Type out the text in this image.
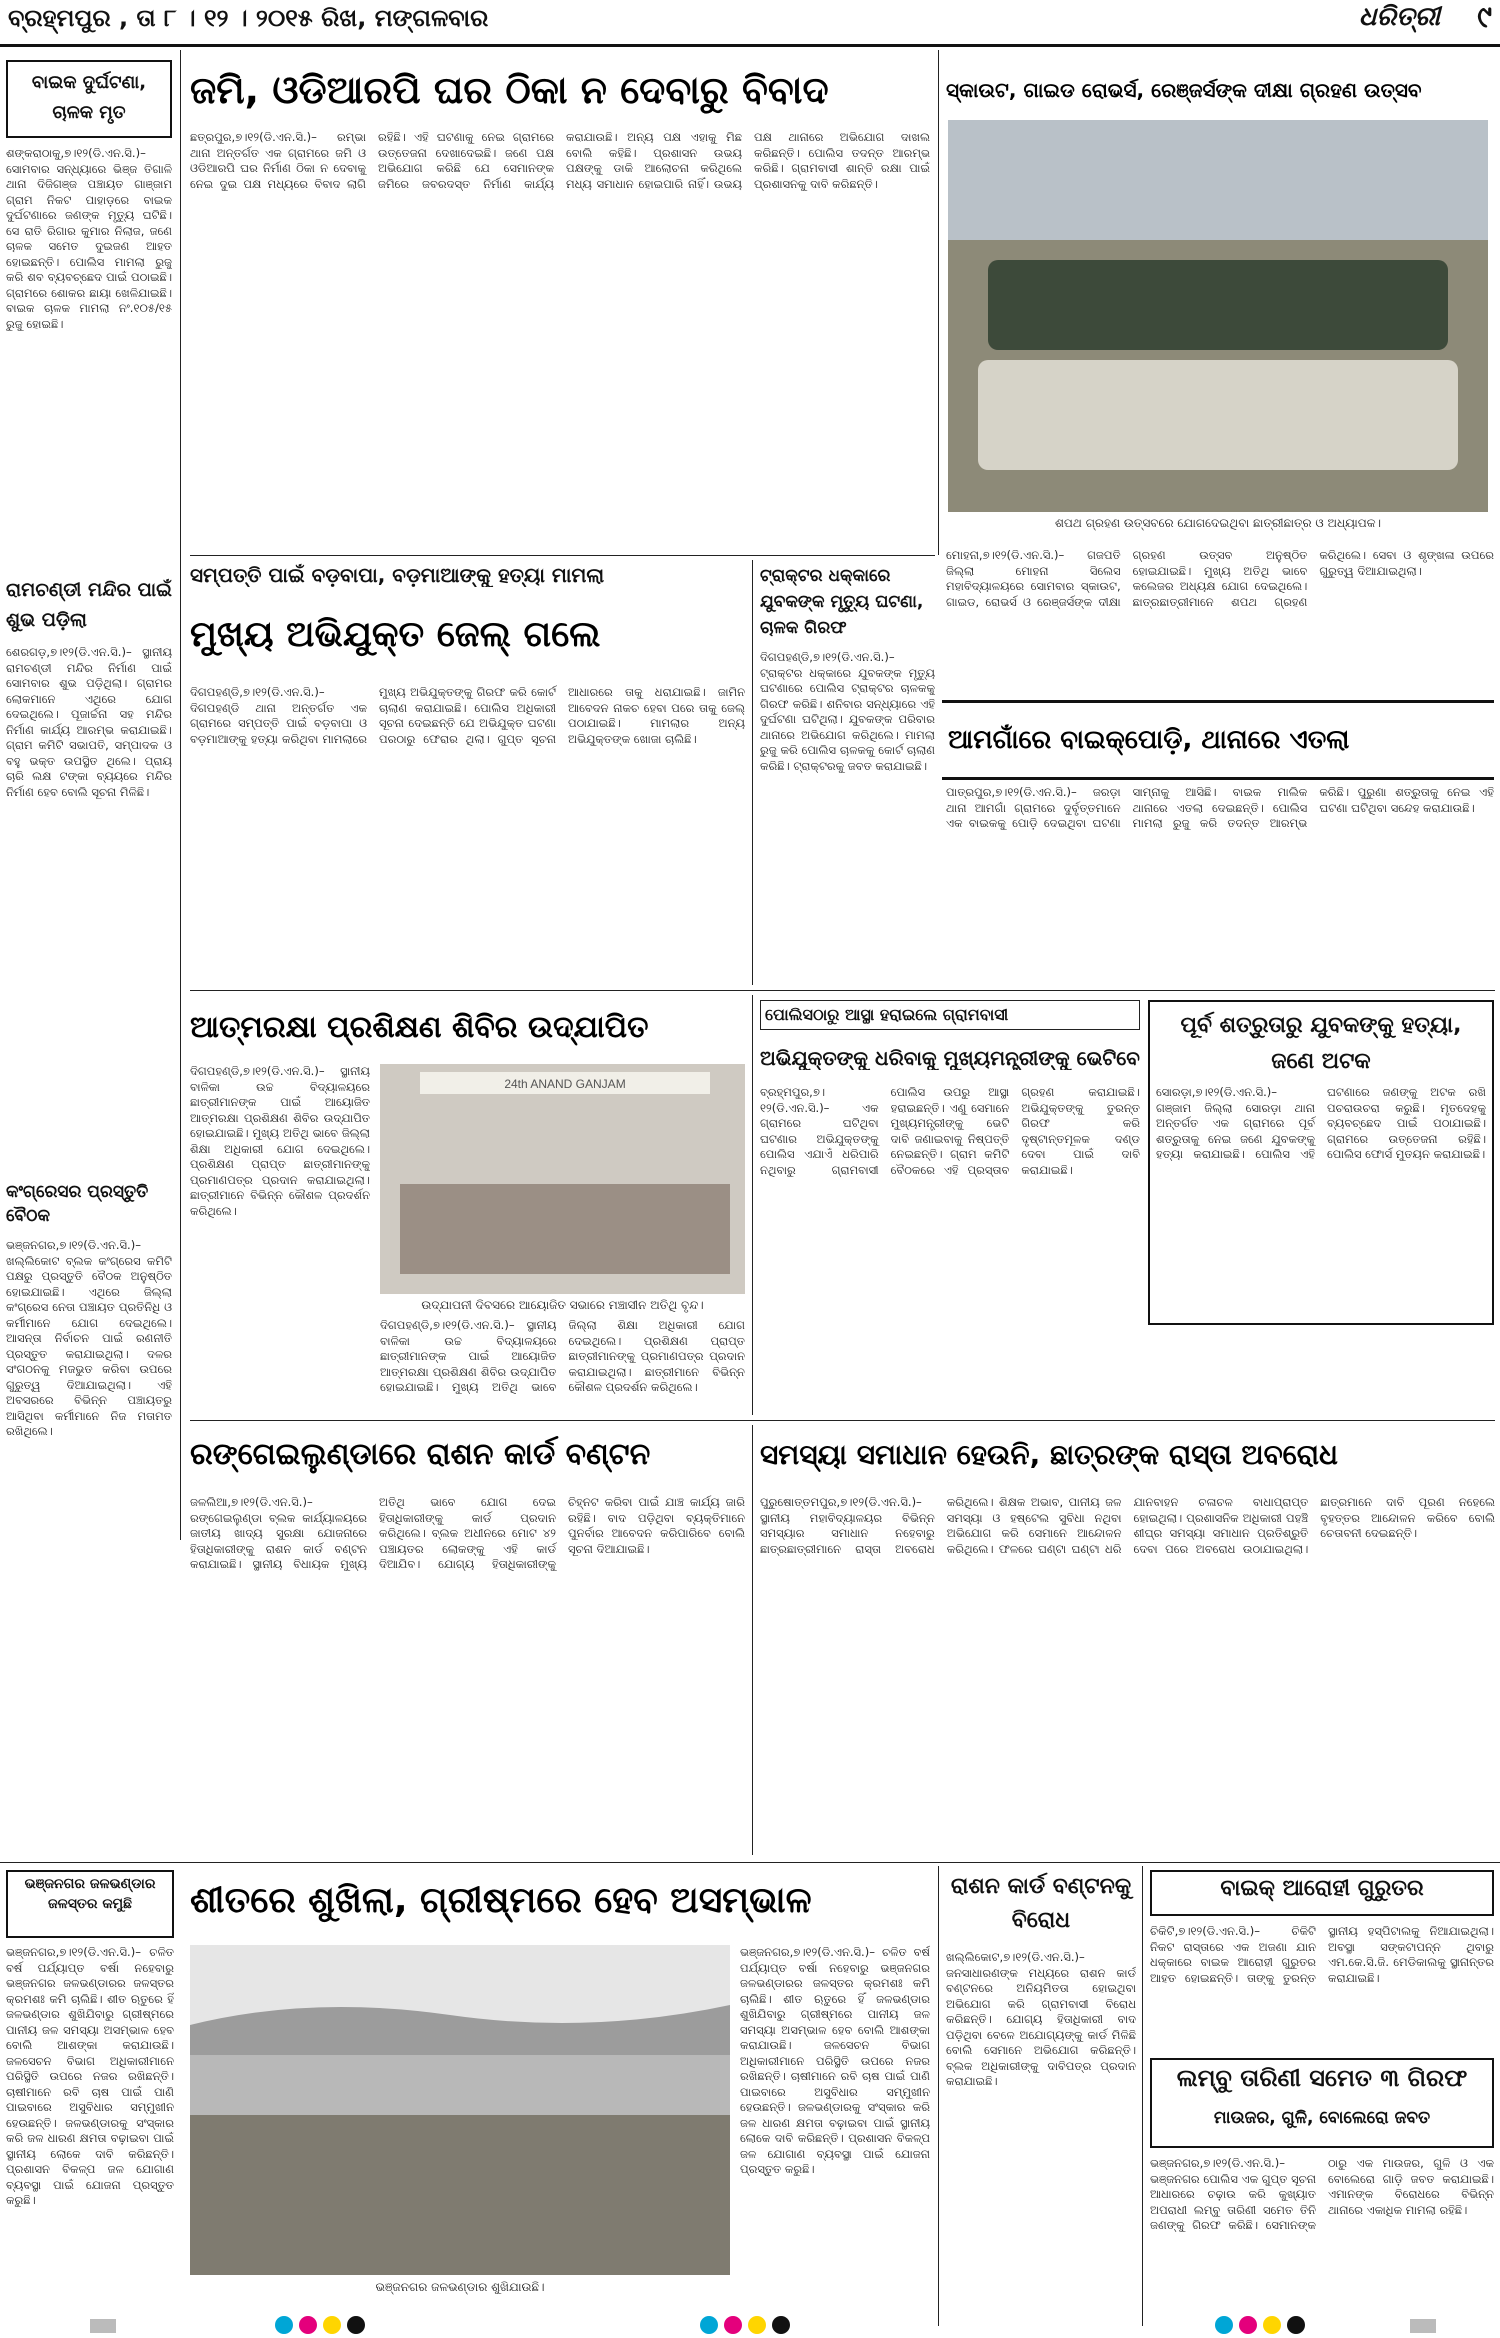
ବ୍ରହ୍ମପୁର , ତା ୮ । ୧୨ । ୨୦୧୫ ରିଖ, ମଙ୍ଗଳବାର	ଧରିତ୍ରୀ ୯
ବାଇକ ଦୁର୍ଘଟଣା, ଚାଳକ ମୃତ
ଶଙ୍କରାଠାକୁ,୭।୧୨(ଡି.ଏନ.ସି.)– ସୋମବାର ସନ୍ଧ୍ୟାରେ ଭିଞ୍ଜ ତିଗାଳି ଥାନା ଦିଜିଗଞ୍ଜ ପଞ୍ଚାୟତ ଗାଞ୍ଜାମ ଗ୍ରାମ ନିକଟ ପାହାଡ଼ରେ ବାଇକ ଦୁର୍ଘଟଣାରେ ଜଣଙ୍କ ମୃତ୍ୟୁ ଘଟିଛି। ସେ ରାତି ରିଗାର କୁମାର ନିଲାଜ, ଜଣେ ଚାଳକ ସମେତ ଦୁଇଜଣ ଆହତ ହୋଇଛନ୍ତି। ପୋଲିସ ମାମଲା ରୁଜୁ କରି ଶବ ବ୍ୟବଚ୍ଛେଦ ପାଇଁ ପଠାଇଛି। ଗ୍ରାମରେ ଶୋକର ଛାୟା ଖେଳିଯାଇଛି। ବାଇକ ଚାଳକ ମାମଲା ନଂ.୧୦୫/୧୫ ରୁଜୁ ହୋଇଛି।
ରାମଚଣ୍ଡୀ ମନ୍ଦିର ପାଇଁ ଶୁଭ ପଡ଼ିଲା
ଶେରଗଡ଼,୭।୧୨(ଡି.ଏନ.ସି.)– ସ୍ଥାନୀୟ ରାମଚଣ୍ଡୀ ମନ୍ଦିର ନିର୍ମାଣ ପାଇଁ ସୋମବାର ଶୁଭ ପଡ଼ିଥିଲା। ଗ୍ରାମର ଲୋକମାନେ ଏଥିରେ ଯୋଗ ଦେଇଥିଲେ। ପୂଜାର୍ଚ୍ଚନା ସହ ମନ୍ଦିର ନିର୍ମାଣ କାର୍ଯ୍ୟ ଆରମ୍ଭ କରାଯାଇଛି। ଗ୍ରାମ କମିଟି ସଭାପତି, ସମ୍ପାଦକ ଓ ବହୁ ଭକ୍ତ ଉପସ୍ଥିତ ଥିଲେ। ପ୍ରାୟ ଚାରି ଲକ୍ଷ ଟଙ୍କା ବ୍ୟୟରେ ମନ୍ଦିର ନିର୍ମାଣ ହେବ ବୋଲି ସୂଚନା ମିଳିଛି।
କଂଗ୍ରେସର ପ୍ରସ୍ତୁତି ବୈଠକ
ଭଞ୍ଜନଗର,୭।୧୨(ଡି.ଏନ.ସି.)– ଖଲ୍ଲିକୋଟ ବ୍ଲକ କଂଗ୍ରେସ କମିଟି ପକ୍ଷରୁ ପ୍ରସ୍ତୁତି ବୈଠକ ଅନୁଷ୍ଠିତ ହୋଇଯାଇଛି। ଏଥିରେ ଜିଲ୍ଲା କଂଗ୍ରେସ ନେତା ପଞ୍ଚାୟତ ପ୍ରତିନିଧି ଓ କର୍ମୀମାନେ ଯୋଗ ଦେଇଥିଲେ। ଆସନ୍ତା ନିର୍ବାଚନ ପାଇଁ ରଣନୀତି ପ୍ରସ୍ତୁତ କରାଯାଇଥିଲା। ଦଳର ସଂଗଠନକୁ ମଜଭୁତ କରିବା ଉପରେ ଗୁରୁତ୍ୱ ଦିଆଯାଇଥିଲା। ଏହି ଅବସରରେ ବିଭିନ୍ନ ପଞ୍ଚାୟତରୁ ଆସିଥିବା କର୍ମୀମାନେ ନିଜ ମତାମତ ରଖିଥିଲେ।
ଜମି, ଓଡିଆରପି ଘର ଠିକା ନ ଦେବାରୁ ବିବାଦ
ଛତ୍ରପୁର,୭।୧୨(ଡି.ଏନ.ସି.)– ରମ୍ଭା ଥାନା ଅନ୍ତର୍ଗତ ଏକ ଗ୍ରାମରେ ଜମି ଓ ଓଡିଆରପି ଘର ନିର୍ମାଣ ଠିକା ନ ଦେବାକୁ ନେଇ ଦୁଇ ପକ୍ଷ ମଧ୍ୟରେ ବିବାଦ ଲାଗି ରହିଛି। ଏହି ଘଟଣାକୁ ନେଇ ଗ୍ରାମରେ ଉତ୍ତେଜନା ଦେଖାଦେଇଛି। ଜଣେ ପକ୍ଷ ଅଭିଯୋଗ କରିଛି ଯେ ସେମାନଙ୍କ ଜମିରେ ଜବରଦସ୍ତ ନିର୍ମାଣ କାର୍ଯ୍ୟ କରାଯାଉଛି। ଅନ୍ୟ ପକ୍ଷ ଏହାକୁ ମିଛ ବୋଲି କହିଛି। ପ୍ରଶାସନ ଉଭୟ ପକ୍ଷଙ୍କୁ ଡାକି ଆଲୋଚନା କରିଥିଲେ ମଧ୍ୟ ସମାଧାନ ହୋଇପାରି ନାହିଁ। ଉଭୟ ପକ୍ଷ ଥାନାରେ ଅଭିଯୋଗ ଦାଖଲ କରିଛନ୍ତି। ପୋଲିସ ତଦନ୍ତ ଆରମ୍ଭ କରିଛି। ଗ୍ରାମବାସୀ ଶାନ୍ତି ରକ୍ଷା ପାଇଁ ପ୍ରଶାସନକୁ ଦାବି କରିଛନ୍ତି।
ସ୍କାଉଟ, ଗାଇଡ ରୋଭର୍ସ, ରେଞ୍ଜର୍ସଙ୍କ ଦୀକ୍ଷା ଗ୍ରହଣ ଉତ୍ସବ
ଶପଥ ଗ୍ରହଣ ଉତ୍ସବରେ ଯୋଗଦେଇଥିବା ଛାତ୍ରୀଛାତ୍ର ଓ ଅଧ୍ୟାପକ।
ମୋହନା,୭।୧୨(ଡି.ଏନ.ସି.)– ଗଜପତି ଜିଲ୍ଲା ମୋହନା ସିଲେସ ମହାବିଦ୍ୟାଳୟରେ ସୋମବାର ସ୍କାଉଟ, ଗାଇଡ, ରୋଭର୍ସ ଓ ରେଞ୍ଜର୍ସଙ୍କ ଦୀକ୍ଷା ଗ୍ରହଣ ଉତ୍ସବ ଅନୁଷ୍ଠିତ ହୋଇଯାଇଛି। ମୁଖ୍ୟ ଅତିଥି ଭାବେ କଲେଜର ଅଧ୍ୟକ୍ଷ ଯୋଗ ଦେଇଥିଲେ। ଛାତ୍ରଛାତ୍ରୀମାନେ ଶପଥ ଗ୍ରହଣ କରିଥିଲେ। ସେବା ଓ ଶୃଙ୍ଖଳା ଉପରେ ଗୁରୁତ୍ୱ ଦିଆଯାଇଥିଲା।
ସମ୍ପତ୍ତି ପାଇଁ ବଡ଼ବାପା, ବଡ଼ମାଆଙ୍କୁ ହତ୍ୟା ମାମଲା
ମୁଖ୍ୟ ଅଭିଯୁକ୍ତ ଜେଲ୍ ଗଲେ
ଦିଗପହଣ୍ଡି,୭।୧୨(ଡି.ଏନ.ସି.)– ଦିଗପହଣ୍ଡି ଥାନା ଅନ୍ତର୍ଗତ ଏକ ଗ୍ରାମରେ ସମ୍ପତ୍ତି ପାଇଁ ବଡ଼ବାପା ଓ ବଡ଼ମାଆଙ୍କୁ ହତ୍ୟା କରିଥିବା ମାମଲାରେ ମୁଖ୍ୟ ଅଭିଯୁକ୍ତଙ୍କୁ ଗିରଫ କରି କୋର୍ଟ ଚାଲାଣ କରାଯାଇଛି। ପୋଲିସ ଅଧିକାରୀ ସୂଚନା ଦେଇଛନ୍ତି ଯେ ଅଭିଯୁକ୍ତ ଘଟଣା ପରଠାରୁ ଫେରାର ଥିଲା। ଗୁପ୍ତ ସୂଚନା ଆଧାରରେ ତାକୁ ଧରାଯାଇଛି। ଜାମିନ ଆବେଦନ ନାକଚ ହେବା ପରେ ତାକୁ ଜେଲ୍ ପଠାଯାଇଛି। ମାମଲାର ଅନ୍ୟ ଅଭିଯୁକ୍ତଙ୍କ ଖୋଜା ଚାଲିଛି।
ଟ୍ରାକ୍ଟର ଧକ୍କାରେ ଯୁବକଙ୍କ ମୃତ୍ୟୁ ଘଟଣା, ଚାଳକ ଗିରଫ
ଦିଗପହଣ୍ଡି,୭।୧୨(ଡି.ଏନ.ସି.)– ଟ୍ରାକ୍ଟର ଧକ୍କାରେ ଯୁବକଙ୍କ ମୃତ୍ୟୁ ଘଟଣାରେ ପୋଲିସ ଟ୍ରାକ୍ଟର ଚାଳକକୁ ଗିରଫ କରିଛି। ଶନିବାର ସନ୍ଧ୍ୟାରେ ଏହି ଦୁର୍ଘଟଣା ଘଟିଥିଲା। ଯୁବକଙ୍କ ପରିବାର ଥାନାରେ ଅଭିଯୋଗ କରିଥିଲେ। ମାମଲା ରୁଜୁ କରି ପୋଲିସ ଚାଳକକୁ କୋର୍ଟ ଚାଲାଣ କରିଛି। ଟ୍ରାକ୍ଟରକୁ ଜବତ କରାଯାଇଛି।
ଆମଗାଁରେ ବାଇକ୍‌ପୋଡ଼ି, ଥାନାରେ ଏତଲା
ପାତ୍ରପୁର,୭।୧୨(ଡି.ଏନ.ସି.)– ଜରଡ଼ା ଥାନା ଆମଗାଁ ଗ୍ରାମରେ ଦୁର୍ବୃତ୍ତମାନେ ଏକ ବାଇକକୁ ପୋଡ଼ି ଦେଇଥିବା ଘଟଣା ସାମ୍ନାକୁ ଆସିଛି। ବାଇକ ମାଲିକ ଥାନାରେ ଏତଲା ଦେଇଛନ୍ତି। ପୋଲିସ ମାମଲା ରୁଜୁ କରି ତଦନ୍ତ ଆରମ୍ଭ କରିଛି। ପୁରୁଣା ଶତ୍ରୁତାକୁ ନେଇ ଏହି ଘଟଣା ଘଟିଥିବା ସନ୍ଦେହ କରାଯାଉଛି।
ଆତ୍ମରକ୍ଷା ପ୍ରଶିକ୍ଷଣ ଶିବିର ଉଦ୍‌ଯାପିତ
ଦିଗପହଣ୍ଡି,୭।୧୨(ଡି.ଏନ.ସି.)– ସ୍ଥାନୀୟ ବାଳିକା ଉଚ୍ଚ ବିଦ୍ୟାଳୟରେ ଛାତ୍ରୀମାନଙ୍କ ପାଇଁ ଆୟୋଜିତ ଆତ୍ମରକ୍ଷା ପ୍ରଶିକ୍ଷଣ ଶିବିର ଉଦ୍‌ଯାପିତ ହୋଇଯାଇଛି। ମୁଖ୍ୟ ଅତିଥି ଭାବେ ଜିଲ୍ଲା ଶିକ୍ଷା ଅଧିକାରୀ ଯୋଗ ଦେଇଥିଲେ। ପ୍ରଶିକ୍ଷଣ ପ୍ରାପ୍ତ ଛାତ୍ରୀମାନଙ୍କୁ ପ୍ରମାଣପତ୍ର ପ୍ରଦାନ କରାଯାଇଥିଲା। ଛାତ୍ରୀମାନେ ବିଭିନ୍ନ କୌଶଳ ପ୍ରଦର୍ଶନ କରିଥିଲେ।
24th ANAND GANJAM
ଉଦ୍‌ଯାପନୀ ଦିବସରେ ଆୟୋଜିତ ସଭାରେ ମଞ୍ଚାସୀନ ଅତିଥି ବୃନ୍ଦ।
ଦିଗପହଣ୍ଡି,୭।୧୨(ଡି.ଏନ.ସି.)– ସ୍ଥାନୀୟ ବାଳିକା ଉଚ୍ଚ ବିଦ୍ୟାଳୟରେ ଛାତ୍ରୀମାନଙ୍କ ପାଇଁ ଆୟୋଜିତ ଆତ୍ମରକ୍ଷା ପ୍ରଶିକ୍ଷଣ ଶିବିର ଉଦ୍‌ଯାପିତ ହୋଇଯାଇଛି। ମୁଖ୍ୟ ଅତିଥି ଭାବେ ଜିଲ୍ଲା ଶିକ୍ଷା ଅଧିକାରୀ ଯୋଗ ଦେଇଥିଲେ। ପ୍ରଶିକ୍ଷଣ ପ୍ରାପ୍ତ ଛାତ୍ରୀମାନଙ୍କୁ ପ୍ରମାଣପତ୍ର ପ୍ରଦାନ କରାଯାଇଥିଲା। ଛାତ୍ରୀମାନେ ବିଭିନ୍ନ କୌଶଳ ପ୍ରଦର୍ଶନ କରିଥିଲେ।
ପୋଲିସଠାରୁ ଆସ୍ଥା ହରାଇଲେ ଗ୍ରାମବାସୀ
ଅଭିଯୁକ୍ତଙ୍କୁ ଧରିବାକୁ ମୁଖ୍ୟମନ୍ତ୍ରୀଙ୍କୁ ଭେଟିବେ
ବ୍ରହ୍ମପୁର,୭।୧୨(ଡି.ଏନ.ସି.)– ଏକ ଗ୍ରାମରେ ଘଟିଥିବା ଘଟଣାର ଅଭିଯୁକ୍ତଙ୍କୁ ପୋଲିସ ଏଯାଏଁ ଧରିପାରି ନଥିବାରୁ ଗ୍ରାମବାସୀ ପୋଲିସ ଉପରୁ ଆସ୍ଥା ହରାଇଛନ୍ତି। ଏଣୁ ସେମାନେ ମୁଖ୍ୟମନ୍ତ୍ରୀଙ୍କୁ ଭେଟି ଦାବି ଜଣାଇବାକୁ ନିଷ୍ପତ୍ତି ନେଇଛନ୍ତି। ଗ୍ରାମ କମିଟି ବୈଠକରେ ଏହି ପ୍ରସ୍ତାବ ଗ୍ରହଣ କରାଯାଇଛି। ଅଭିଯୁକ୍ତଙ୍କୁ ତୁରନ୍ତ ଗିରଫ କରି ଦୃଷ୍ଟାନ୍ତମୂଳକ ଦଣ୍ଡ ଦେବା ପାଇଁ ଦାବି କରାଯାଇଛି।
ପୂର୍ବ ଶତ୍ରୁତାରୁ ଯୁବକଙ୍କୁ ହତ୍ୟା, ଜଣେ ଅଟକ
ସୋରଡ଼ା,୭।୧୨(ଡି.ଏନ.ସି.)– ଗଞ୍ଜାମ ଜିଲ୍ଲା ସୋରଡ଼ା ଥାନା ଅନ୍ତର୍ଗତ ଏକ ଗ୍ରାମରେ ପୂର୍ବ ଶତ୍ରୁତାକୁ ନେଇ ଜଣେ ଯୁବକଙ୍କୁ ହତ୍ୟା କରାଯାଇଛି। ପୋଲିସ ଏହି ଘଟଣାରେ ଜଣଙ୍କୁ ଅଟକ ରଖି ପଚରାଉଚରା କରୁଛି। ମୃତଦେହକୁ ବ୍ୟବଚ୍ଛେଦ ପାଇଁ ପଠାଯାଇଛି। ଗ୍ରାମରେ ଉତ୍ତେଜନା ରହିଛି। ପୋଲିସ ଫୋର୍ସ ମୁତୟନ କରାଯାଇଛି।
ରଙ୍ଗେଇଲୁଣ୍ଡାରେ ରାଶନ କାର୍ଡ ବଣ୍ଟନ
ଜଳଲିଆ,୭।୧୨(ଡି.ଏନ.ସି.)– ରଙ୍ଗେଇଲୁଣ୍ଡା ବ୍ଲକ କାର୍ଯ୍ୟାଳୟରେ ଜାତୀୟ ଖାଦ୍ୟ ସୁରକ୍ଷା ଯୋଜନାରେ ହିତାଧିକାରୀଙ୍କୁ ରାଶନ କାର୍ଡ ବଣ୍ଟନ କରାଯାଇଛି। ସ୍ଥାନୀୟ ବିଧାୟକ ମୁଖ୍ୟ ଅତିଥି ଭାବେ ଯୋଗ ଦେଇ ହିତାଧିକାରୀଙ୍କୁ କାର୍ଡ ପ୍ରଦାନ କରିଥିଲେ। ବ୍ଲକ ଅଧୀନରେ ମୋଟ ୪୨ ପଞ୍ଚାୟତର ଲୋକଙ୍କୁ ଏହି କାର୍ଡ ଦିଆଯିବ। ଯୋଗ୍ୟ ହିତାଧିକାରୀଙ୍କୁ ଚିହ୍ନଟ କରିବା ପାଇଁ ଯାଞ୍ଚ କାର୍ଯ୍ୟ ଜାରି ରହିଛି। ବାଦ ପଡ଼ିଥିବା ବ୍ୟକ୍ତିମାନେ ପୁନର୍ବାର ଆବେଦନ କରିପାରିବେ ବୋଲି ସୂଚନା ଦିଆଯାଇଛି।
ସମସ୍ୟା ସମାଧାନ ହେଉନି, ଛାତ୍ରଙ୍କ ରାସ୍ତା ଅବରୋଧ
ପୁରୁଷୋତ୍ତମପୁର,୭।୧୨(ଡି.ଏନ.ସି.)– ସ୍ଥାନୀୟ ମହାବିଦ୍ୟାଳୟର ବିଭିନ୍ନ ସମସ୍ୟାର ସମାଧାନ ନହେବାରୁ ଛାତ୍ରଛାତ୍ରୀମାନେ ରାସ୍ତା ଅବରୋଧ କରିଥିଲେ। ଶିକ୍ଷକ ଅଭାବ, ପାନୀୟ ଜଳ ସମସ୍ୟା ଓ ହଷ୍ଟେଲ ସୁବିଧା ନଥିବା ଅଭିଯୋଗ କରି ସେମାନେ ଆନ୍ଦୋଳନ କରିଥିଲେ। ଫଳରେ ଘଣ୍ଟା ଘଣ୍ଟା ଧରି ଯାନବାହନ ଚଳାଚଳ ବାଧାପ୍ରାପ୍ତ ହୋଇଥିଲା। ପ୍ରଶାସନିକ ଅଧିକାରୀ ପହଞ୍ଚି ଶୀଘ୍ର ସମସ୍ୟା ସମାଧାନ ପ୍ରତିଶ୍ରୁତି ଦେବା ପରେ ଅବରୋଧ ଉଠାଯାଇଥିଲା। ଛାତ୍ରମାନେ ଦାବି ପୂରଣ ନହେଲେ ବୃହତ୍ତର ଆନ୍ଦୋଳନ କରିବେ ବୋଲି ଚେତାବନୀ ଦେଇଛନ୍ତି।
ଭଞ୍ଜନଗର ଜଳଭଣ୍ଡାର ଜଳସ୍ତର କମୁଛି	ଶୀତରେ ଶୁଖିଲା, ଗ୍ରୀଷ୍ମରେ ହେବ ଅସମ୍ଭାଳ
ଭଞ୍ଜନଗର,୭।୧୨(ଡି.ଏନ.ସି.)– ଚଳିତ ବର୍ଷ ପର୍ଯ୍ୟାପ୍ତ ବର୍ଷା ନହେବାରୁ ଭଞ୍ଜନଗର ଜଳଭଣ୍ଡାରର ଜଳସ୍ତର କ୍ରମଶଃ କମି ଚାଲିଛି। ଶୀତ ଋତୁରେ ହିଁ ଜଳଭଣ୍ଡାର ଶୁଖିଯିବାରୁ ଗ୍ରୀଷ୍ମରେ ପାନୀୟ ଜଳ ସମସ୍ୟା ଅସମ୍ଭାଳ ହେବ ବୋଲି ଆଶଙ୍କା କରାଯାଉଛି। ଜଳସେଚନ ବିଭାଗ ଅଧିକାରୀମାନେ ପରିସ୍ଥିତି ଉପରେ ନଜର ରଖିଛନ୍ତି। ଚାଷୀମାନେ ରବି ଚାଷ ପାଇଁ ପାଣି ପାଇବାରେ ଅସୁବିଧାର ସମ୍ମୁଖୀନ ହେଉଛନ୍ତି। ଜଳଭଣ୍ଡାରକୁ ସଂସ୍କାର କରି ଜଳ ଧାରଣ କ୍ଷମତା ବଢ଼ାଇବା ପାଇଁ ସ୍ଥାନୀୟ ଲୋକେ ଦାବି କରିଛନ୍ତି। ପ୍ରଶାସନ ବିକଳ୍ପ ଜଳ ଯୋଗାଣ ବ୍ୟବସ୍ଥା ପାଇଁ ଯୋଜନା ପ୍ରସ୍ତୁତ କରୁଛି।
ଭଞ୍ଜନଗର ଜଳଭଣ୍ଡାର ଶୁଖିଯାଉଛି।
ଭଞ୍ଜନଗର,୭।୧୨(ଡି.ଏନ.ସି.)– ଚଳିତ ବର୍ଷ ପର୍ଯ୍ୟାପ୍ତ ବର୍ଷା ନହେବାରୁ ଭଞ୍ଜନଗର ଜଳଭଣ୍ଡାରର ଜଳସ୍ତର କ୍ରମଶଃ କମି ଚାଲିଛି। ଶୀତ ଋତୁରେ ହିଁ ଜଳଭଣ୍ଡାର ଶୁଖିଯିବାରୁ ଗ୍ରୀଷ୍ମରେ ପାନୀୟ ଜଳ ସମସ୍ୟା ଅସମ୍ଭାଳ ହେବ ବୋଲି ଆଶଙ୍କା କରାଯାଉଛି। ଜଳସେଚନ ବିଭାଗ ଅଧିକାରୀମାନେ ପରିସ୍ଥିତି ଉପରେ ନଜର ରଖିଛନ୍ତି। ଚାଷୀମାନେ ରବି ଚାଷ ପାଇଁ ପାଣି ପାଇବାରେ ଅସୁବିଧାର ସମ୍ମୁଖୀନ ହେଉଛନ୍ତି। ଜଳଭଣ୍ଡାରକୁ ସଂସ୍କାର କରି ଜଳ ଧାରଣ କ୍ଷମତା ବଢ଼ାଇବା ପାଇଁ ସ୍ଥାନୀୟ ଲୋକେ ଦାବି କରିଛନ୍ତି। ପ୍ରଶାସନ ବିକଳ୍ପ ଜଳ ଯୋଗାଣ ବ୍ୟବସ୍ଥା ପାଇଁ ଯୋଜନା ପ୍ରସ୍ତୁତ କରୁଛି।
ରାଶନ କାର୍ଡ ବଣ୍ଟନକୁ ବିରୋଧ
ଖଲ୍ଲିକୋଟ,୭।୧୨(ଡି.ଏନ.ସି.)– ଜନସାଧାରଣଙ୍କ ମଧ୍ୟରେ ରାଶନ କାର୍ଡ ବଣ୍ଟନରେ ଅନିୟମିତତା ହୋଇଥିବା ଅଭିଯୋଗ କରି ଗ୍ରାମବାସୀ ବିରୋଧ କରିଛନ୍ତି। ଯୋଗ୍ୟ ହିତାଧିକାରୀ ବାଦ ପଡ଼ିଥିବା ବେଳେ ଅଯୋଗ୍ୟଙ୍କୁ କାର୍ଡ ମିଳିଛି ବୋଲି ସେମାନେ ଅଭିଯୋଗ କରିଛନ୍ତି। ବ୍ଲକ ଅଧିକାରୀଙ୍କୁ ଦାବିପତ୍ର ପ୍ରଦାନ କରାଯାଇଛି।
ବାଇକ୍ ଆରୋହୀ ଗୁରୁତର
ଚିକିଟି,୭।୧୨(ଡି.ଏନ.ସି.)– ଚିକିଟି ନିକଟ ରାସ୍ତାରେ ଏକ ଅଜଣା ଯାନ ଧକ୍କାରେ ବାଇକ ଆରୋହୀ ଗୁରୁତର ଆହତ ହୋଇଛନ୍ତି। ତାଙ୍କୁ ତୁରନ୍ତ ସ୍ଥାନୀୟ ହସ୍ପିଟାଲକୁ ନିଆଯାଇଥିଲା। ଅବସ୍ଥା ସଙ୍କଟାପନ୍ନ ଥିବାରୁ ଏମ.କେ.ସି.ଜି. ମେଡିକାଲକୁ ସ୍ଥାନାନ୍ତର କରାଯାଇଛି।
ଲମ୍ବୁ ତାରିଣୀ ସମେତ ୩ ଗିରଫ
ମାଉଜର, ଗୁଳି, ବୋଲେରୋ ଜବତ
ଭଞ୍ଜନଗର,୭।୧୨(ଡି.ଏନ.ସି.)– ଭଞ୍ଜନଗର ପୋଲିସ ଏକ ଗୁପ୍ତ ସୂଚନା ଆଧାରରେ ଚଢ଼ାଉ କରି କୁଖ୍ୟାତ ଅପରାଧୀ ଲମ୍ବୁ ତାରିଣୀ ସମେତ ତିନି ଜଣଙ୍କୁ ଗିରଫ କରିଛି। ସେମାନଙ୍କ ଠାରୁ ଏକ ମାଉଜର, ଗୁଳି ଓ ଏକ ବୋଲେରୋ ଗାଡ଼ି ଜବତ କରାଯାଇଛି। ଏମାନଙ୍କ ବିରୋଧରେ ବିଭିନ୍ନ ଥାନାରେ ଏକାଧିକ ମାମଲା ରହିଛି।
